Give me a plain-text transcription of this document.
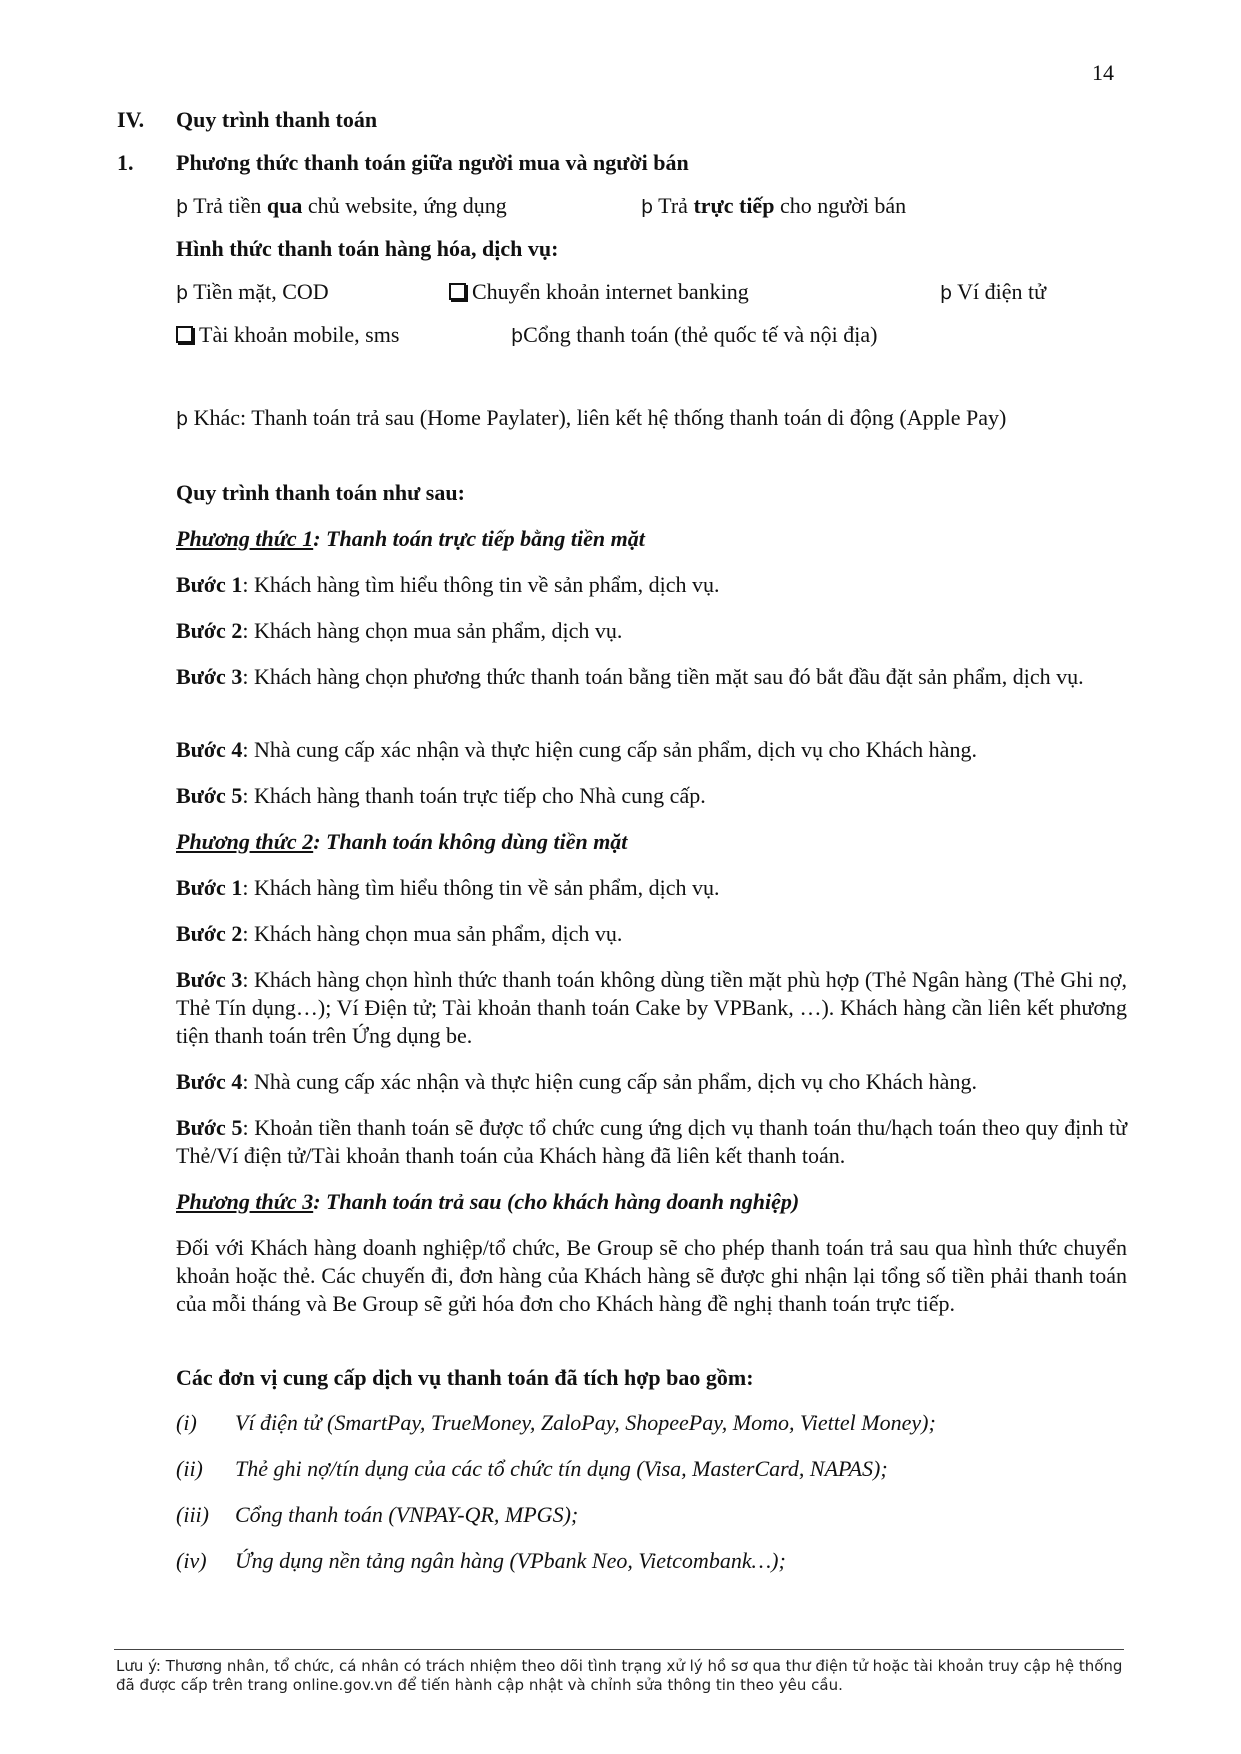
14
IV. Quy trình thanh toán
1. Phương thức thanh toán giữa người mua và người bán
þ Trả tiền qua chủ website, ứng dụng	þ Trả trực tiếp cho người bán
Hình thức thanh toán hàng hóa, dịch vụ:
þ Tiền mặt, COD	Chuyển khoản internet banking	þ Ví điện tử
Tài khoản mobile, sms	þCổng thanh toán (thẻ quốc tế và nội địa)
þ Khác: Thanh toán trả sau (Home Paylater), liên kết hệ thống thanh toán di động (Apple Pay)
Quy trình thanh toán như sau:
Phương thức 1: Thanh toán trực tiếp bằng tiền mặt
Bước 1: Khách hàng tìm hiểu thông tin về sản phẩm, dịch vụ.
Bước 2: Khách hàng chọn mua sản phẩm, dịch vụ.
Bước 3: Khách hàng chọn phương thức thanh toán bằng tiền mặt sau đó bắt đầu đặt sản phẩm, dịch vụ.
Bước 4: Nhà cung cấp xác nhận và thực hiện cung cấp sản phẩm, dịch vụ cho Khách hàng.
Bước 5: Khách hàng thanh toán trực tiếp cho Nhà cung cấp.
Phương thức 2: Thanh toán không dùng tiền mặt
Bước 1: Khách hàng tìm hiểu thông tin về sản phẩm, dịch vụ.
Bước 2: Khách hàng chọn mua sản phẩm, dịch vụ.
Bước 3: Khách hàng chọn hình thức thanh toán không dùng tiền mặt phù hợp (Thẻ Ngân hàng (Thẻ Ghi nợ, Thẻ Tín dụng…); Ví Điện tử; Tài khoản thanh toán Cake by VPBank, …). Khách hàng cần liên kết phương tiện thanh toán trên Ứng dụng be.
Bước 4: Nhà cung cấp xác nhận và thực hiện cung cấp sản phẩm, dịch vụ cho Khách hàng.
Bước 5: Khoản tiền thanh toán sẽ được tổ chức cung ứng dịch vụ thanh toán thu/hạch toán theo quy định từ Thẻ/Ví điện tử/Tài khoản thanh toán của Khách hàng đã liên kết thanh toán.
Phương thức 3: Thanh toán trả sau (cho khách hàng doanh nghiệp)
Đối với Khách hàng doanh nghiệp/tổ chức, Be Group sẽ cho phép thanh toán trả sau qua hình thức chuyển khoản hoặc thẻ. Các chuyến đi, đơn hàng của Khách hàng sẽ được ghi nhận lại tổng số tiền phải thanh toán của mỗi tháng và Be Group sẽ gửi hóa đơn cho Khách hàng đề nghị thanh toán trực tiếp.
Các đơn vị cung cấp dịch vụ thanh toán đã tích hợp bao gồm:
(i) Ví điện tử (SmartPay, TrueMoney, ZaloPay, ShopeePay, Momo, Viettel Money);
(ii) Thẻ ghi nợ/tín dụng của các tổ chức tín dụng (Visa, MasterCard, NAPAS);
(iii) Cổng thanh toán (VNPAY-QR, MPGS);
(iv) Ứng dụng nền tảng ngân hàng (VPbank Neo, Vietcombank…);
Lưu ý: Thương nhân, tổ chức, cá nhân có trách nhiệm theo dõi tình trạng xử lý hồ sơ qua thư điện tử hoặc tài khoản truy cập hệ thống đã được cấp trên trang online.gov.vn để tiến hành cập nhật và chỉnh sửa thông tin theo yêu cầu.
